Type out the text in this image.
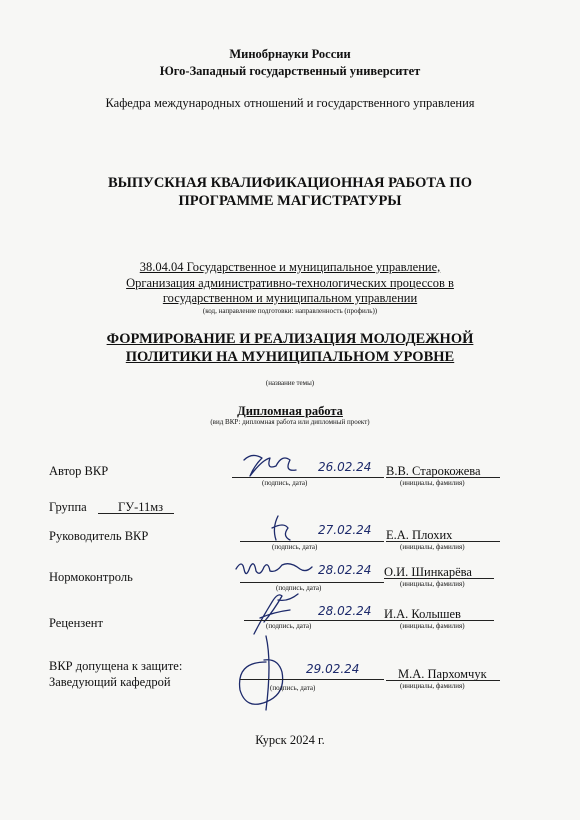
Минобрнауки России
Юго-Западный государственный университет
Кафедра международных отношений и государственного управления
ВЫПУСКНАЯ КВАЛИФИКАЦИОННАЯ РАБОТА ПО
ПРОГРАММЕ МАГИСТРАТУРЫ
38.04.04 Государственное и муниципальное управление,
Организация административно-технологических процессов в
государственном и муниципальном управлении
(код, направление подготовки: направленность (профиль))
ФОРМИРОВАНИЕ И РЕАЛИЗАЦИЯ МОЛОДЕЖНОЙ
ПОЛИТИКИ НА МУНИЦИПАЛЬНОМ УРОВНЕ
(название темы)
Дипломная работа
(вид ВКР: дипломная работа или дипломный проект)
Автор ВКР	26.02.24 В.В. Старокожева
(подпись, дата)	(инициалы, фамилия)
Группа	ГУ-11мз
Руководитель ВКР	27.02.24 Е.А. Плохих
(подпись, дата)	(инициалы, фамилия)
Нормоконтроль	28.02.24 О.И. Шинкарёва
(подпись, дата)	(инициалы, фамилия)
Рецензент
28.02.24 И.А. Колышев
(подпись, дата)	(инициалы, фамилия)
ВКР допущена к защите:
Заведующий кафедрой
29.02.24	М.А. Пархомчук
(подпись, дата)	(инициалы, фамилия)
Курск 2024 г.
